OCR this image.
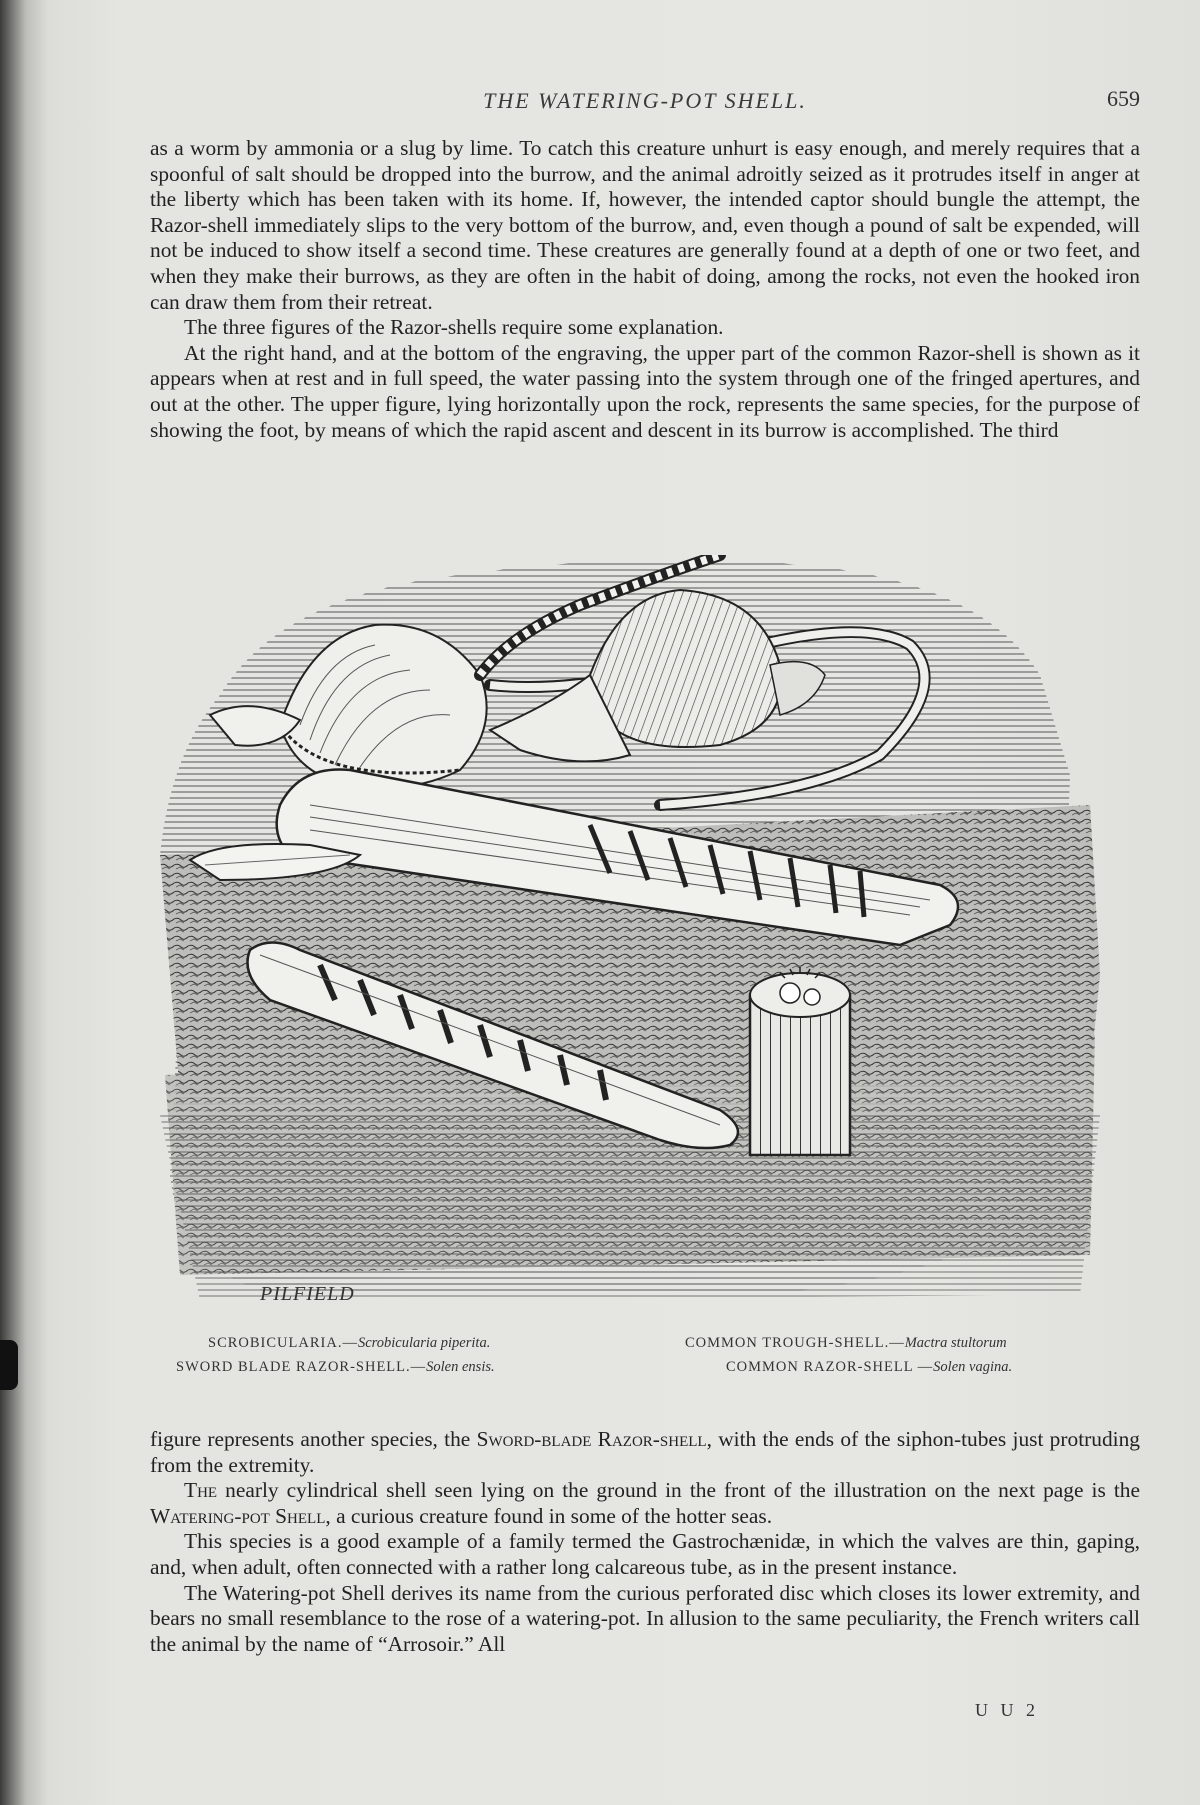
THE WATERING-POT SHELL.	659

as a worm by ammonia or a slug by lime. To catch this creature unhurt is easy enough, and merely requires that a spoonful of salt should be dropped into the burrow, and the animal adroitly seized as it protrudes itself in anger at the liberty which has been taken with its home. If, however, the intended captor should bungle the attempt, the Razor-shell immediately slips to the very bottom of the burrow, and, even though a pound of salt be expended, will not be induced to show itself a second time. These creatures are generally found at a depth of one or two feet, and when they make their burrows, as they are often in the habit of doing, among the rocks, not even the hooked iron can draw them from their retreat.

The three figures of the Razor-shells require some explanation.

At the right hand, and at the bottom of the engraving, the upper part of the common Razor-shell is shown as it appears when at rest and in full speed, the water passing into the system through one of the fringed apertures, and out at the other. The upper figure, lying horizontally upon the rock, represents the same species, for the purpose of showing the foot, by means of which the rapid ascent and descent in its burrow is accomplished. The third

PILFIELD
SCROBICULARIA.—Scrobicularia piperita.	COMMON TROUGH-SHELL.—Mactra stultorum
SWORD BLADE RAZOR-SHELL.—Solen ensis.	COMMON RAZOR-SHELL —Solen vagina.

figure represents another species, the Sword-blade Razor-shell, with the ends of the siphon-tubes just protruding from the extremity.

The nearly cylindrical shell seen lying on the ground in the front of the illustration on the next page is the Watering-pot Shell, a curious creature found in some of the hotter seas.

This species is a good example of a family termed the Gastrochænidæ, in which the valves are thin, gaping, and, when adult, often connected with a rather long calcareous tube, as in the present instance.

The Watering-pot Shell derives its name from the curious perforated disc which closes its lower extremity, and bears no small resemblance to the rose of a watering-pot. In allusion to the same peculiarity, the French writers call the animal by the name of “Arrosoir.” All

U U 2
